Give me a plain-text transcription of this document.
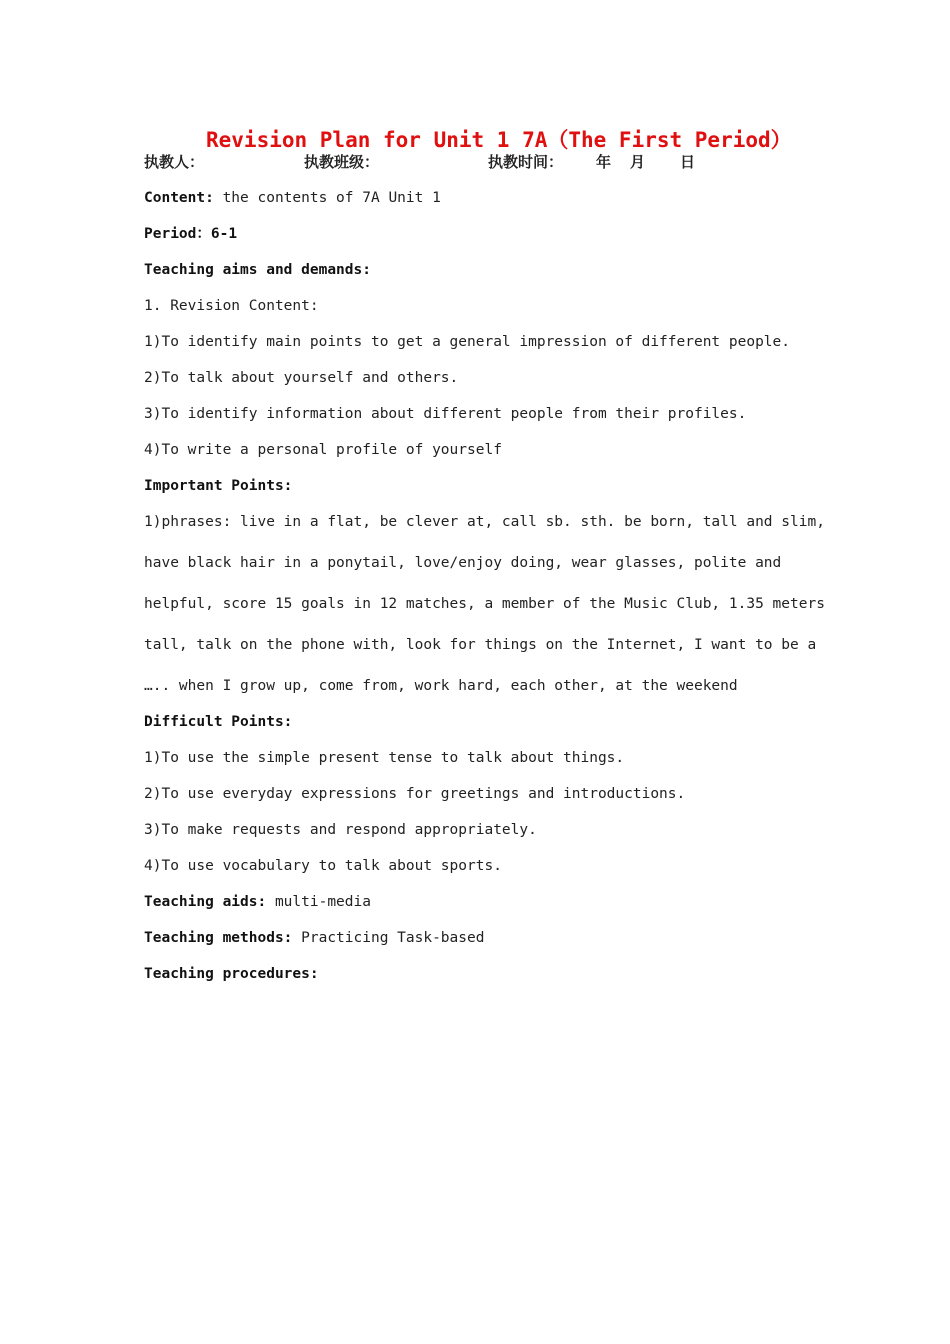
Revision Plan for Unit 1 7A（The First Period）
执教人：	执教班级：	执教时间： 年 月 日
Content: the contents of 7A Unit 1
Period：6-1
Teaching aims and demands:
1. Revision Content:
1)To identify main points to get a general impression of different people.
2)To talk about yourself and others.
3)To identify information about different people from their profiles.
4)To write a personal profile of yourself
Important Points:
1)phrases: live in a flat, be clever at, call sb. sth. be born, tall and slim,
have black hair in a ponytail, love/enjoy doing, wear glasses, polite and
helpful, score 15 goals in 12 matches, a member of the Music Club, 1.35 meters
tall, talk on the phone with, look for things on the Internet, I want to be a
….. when I grow up, come from, work hard, each other, at the weekend
Difficult Points:
1)To use the simple present tense to talk about things.
2)To use everyday expressions for greetings and introductions.
3)To make requests and respond appropriately.
4)To use vocabulary to talk about sports.
Teaching aids: multi-media
Teaching methods: Practicing Task-based
Teaching procedures:
